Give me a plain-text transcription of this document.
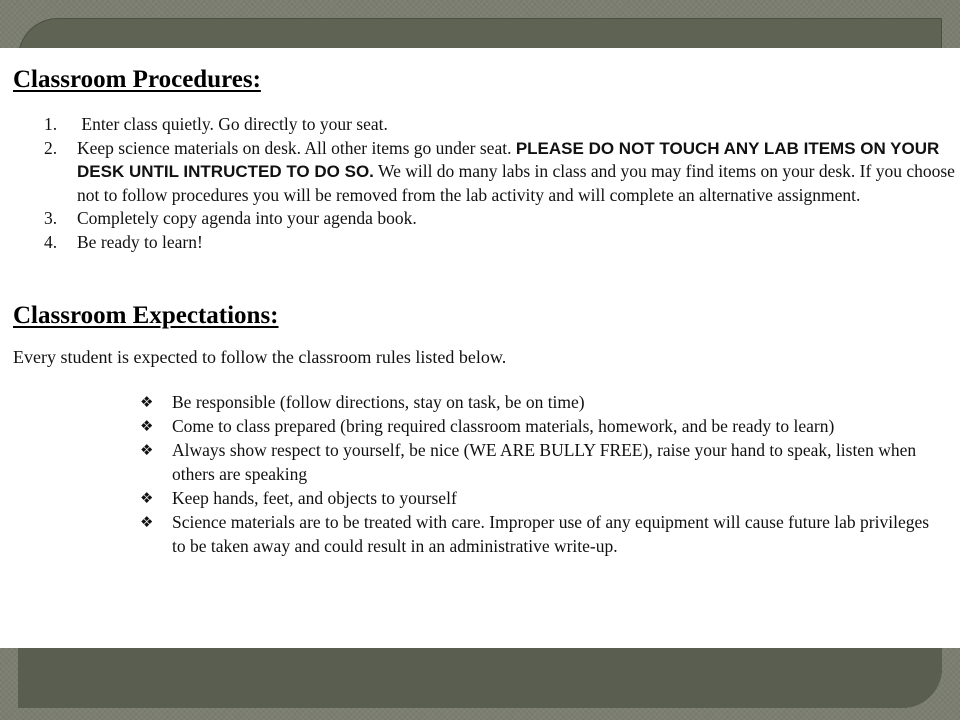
Classroom Procedures:
1.	Enter class quietly. Go directly to your seat.
2.	Keep science materials on desk. All other items go under seat. PLEASE DO NOT TOUCH ANY LAB ITEMS ON YOUR DESK UNTIL INTRUCTED TO DO SO. We will do many labs in class and you may find items on your desk. If you choose not to follow procedures you will be removed from the lab activity and will complete an alternative assignment.
3.	Completely copy agenda into your agenda book.
4.	Be ready to learn!
Classroom Expectations:
Every student is expected to follow the classroom rules listed below.
❖	Be responsible (follow directions, stay on task, be on time)
❖	Come to class prepared (bring required classroom materials, homework, and be ready to learn)
❖	Always show respect to yourself, be nice (WE ARE BULLY FREE), raise your hand to speak, listen when others are speaking
❖	Keep hands, feet, and objects to yourself
❖	Science materials are to be treated with care. Improper use of any equipment will cause future lab privileges to be taken away and could result in an administrative write-up.
